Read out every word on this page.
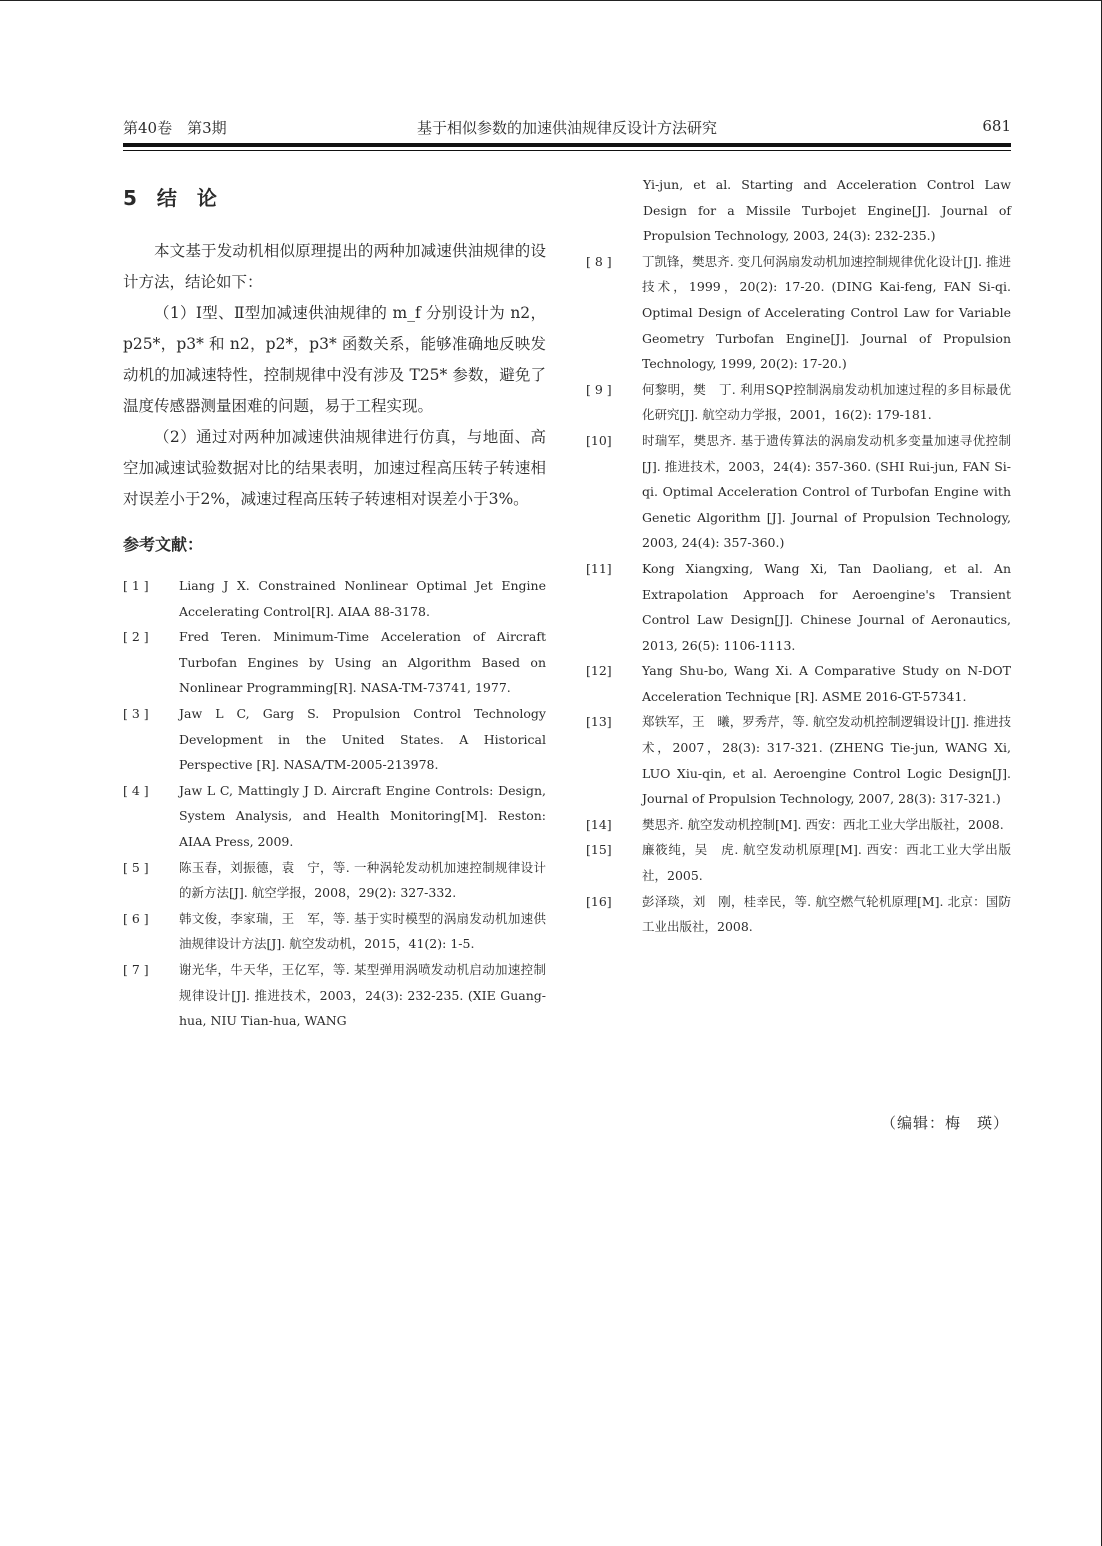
第40卷　第3期	基于相似参数的加速供油规律反设计方法研究	681
5　结　论

本文基于发动机相似原理提出的两种加减速供油规律的设计方法，结论如下：

（1）Ⅰ型、Ⅱ型加减速供油规律的 m_f 分别设计为 n2，p25*，p3* 和 n2，p2*，p3* 函数关系，能够准确地反映发动机的加减速特性，控制规律中没有涉及 T25* 参数，避免了温度传感器测量困难的问题，易于工程实现。

（2）通过对两种加减速供油规律进行仿真，与地面、高空加减速试验数据对比的结果表明，加速过程高压转子转速相对误差小于2%，减速过程高压转子转速相对误差小于3%。

参考文献：

[ 1 ]	Liang J X. Constrained Nonlinear Optimal Jet Engine Accelerating Control[R]. AIAA 88-3178.

[ 2 ]	Fred Teren. Minimum-Time Acceleration of Aircraft Turbofan Engines by Using an Algorithm Based on Nonlinear Programming[R]. NASA-TM-73741, 1977.

[ 3 ]	Jaw L C, Garg S. Propulsion Control Technology Development in the United States. A Historical Perspective [R]. NASA/TM-2005-213978.

[ 4 ]	Jaw L C, Mattingly J D. Aircraft Engine Controls: Design, System Analysis, and Health Monitoring[M]. Reston: AIAA Press, 2009.

[ 5 ]	陈玉春，刘振德，袁　宁，等. 一种涡轮发动机加速控制规律设计的新方法[J]. 航空学报，2008，29(2): 327-332.

[ 6 ]	韩文俊，李家瑞，王　军，等. 基于实时模型的涡扇发动机加速供油规律设计方法[J]. 航空发动机，2015，41(2): 1-5.

[ 7 ]	谢光华，牛天华，王亿军，等. 某型弹用涡喷发动机启动加速控制规律设计[J]. 推进技术，2003，24(3): 232-235. (XIE Guang-hua, NIU Tian-hua, WANG

Yi-jun, et al. Starting and Acceleration Control Law Design for a Missile Turbojet Engine[J]. Journal of Propulsion Technology, 2003, 24(3): 232-235.)

[ 8 ]	丁凯锋，樊思齐. 变几何涡扇发动机加速控制规律优化设计[J]. 推进技术，1999，20(2): 17-20. (DING Kai-feng, FAN Si-qi. Optimal Design of Accelerating Control Law for Variable Geometry Turbofan Engine[J]. Journal of Propulsion Technology, 1999, 20(2): 17-20.)

[ 9 ]	何黎明，樊　丁. 利用SQP控制涡扇发动机加速过程的多目标最优化研究[J]. 航空动力学报，2001，16(2): 179-181.

[10]	时瑞军，樊思齐. 基于遗传算法的涡扇发动机多变量加速寻优控制[J]. 推进技术，2003，24(4): 357-360. (SHI Rui-jun, FAN Si-qi. Optimal Acceleration Control of Turbofan Engine with Genetic Algorithm [J]. Journal of Propulsion Technology, 2003, 24(4): 357-360.)

[11]	Kong Xiangxing, Wang Xi, Tan Daoliang, et al. An Extrapolation Approach for Aeroengine's Transient Control Law Design[J]. Chinese Journal of Aeronautics, 2013, 26(5): 1106-1113.

[12]	Yang Shu-bo, Wang Xi. A Comparative Study on N-DOT Acceleration Technique [R]. ASME 2016-GT-57341.

[13]	郑铁军，王　曦，罗秀芹，等. 航空发动机控制逻辑设计[J]. 推进技术，2007，28(3): 317-321. (ZHENG Tie-jun, WANG Xi, LUO Xiu-qin, et al. Aeroengine Control Logic Design[J]. Journal of Propulsion Technology, 2007, 28(3): 317-321.)

[14]	樊思齐. 航空发动机控制[M]. 西安：西北工业大学出版社，2008.

[15]	廉筱纯，吴　虎. 航空发动机原理[M]. 西安：西北工业大学出版社，2005.

[16]	彭泽琰，刘　刚，桂幸民，等. 航空燃气轮机原理[M]. 北京：国防工业出版社，2008.

（编辑：梅　瑛）
